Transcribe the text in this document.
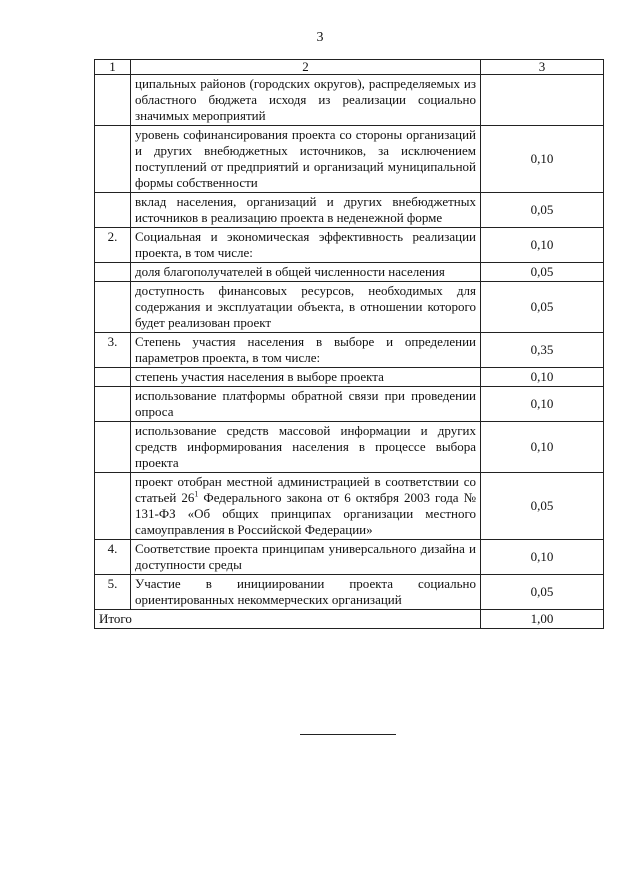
3
1	2	3
	ципальных районов (городских округов), распределяемых из областного бюджета исходя из реализации социально значимых мероприятий	
	уровень софинансирования проекта со стороны организаций и других внебюджетных источников, за исключением поступлений от предприятий и организаций муниципальной формы собственности	0,10
	вклад населения, организаций и других внебюджетных источников в реализацию проекта в неденежной форме	0,05
2.	Социальная и экономическая эффективность реализации проекта, в том числе:	0,10
	доля благополучателей в общей численности населения	0,05
	доступность финансовых ресурсов, необходимых для содержания и эксплуатации объекта, в отношении которого будет реализован проект	0,05
3.	Степень участия населения в выборе и определении параметров проекта, в том числе:	0,35
	степень участия населения в выборе проекта	0,10
	использование платформы обратной связи при проведении опроса	0,10
	использование средств массовой информации и других средств информирования населения в процессе выбора проекта	0,10
	проект отобран местной администрацией в соответствии со статьей $26^1$ Федерального закона от 6 октября 2003 года № 131-ФЗ «Об общих принципах организации местного самоуправления в Российской Федерации»	0,05
4.	Соответствие проекта принципам универсального дизайна и доступности среды	0,10
5.	Участие в инициировании проекта социально ориентированных некоммерческих организаций	0,05
Итого		1,00
